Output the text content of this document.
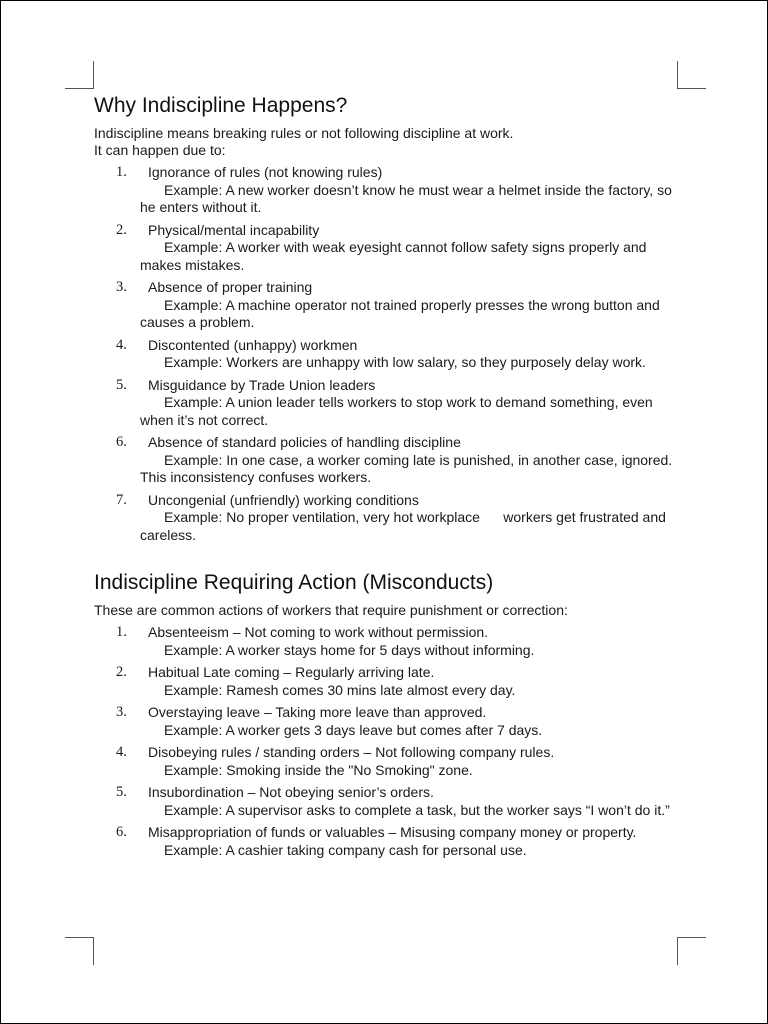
Why Indiscipline Happens?

Indiscipline means breaking rules or not following discipline at work.

It can happen due to:

1. Ignorance of rules (not knowing rules)
Example: A new worker doesn’t know he must wear a helmet inside the factory, so he enters without it.
2. Physical/mental incapability
Example: A worker with weak eyesight cannot follow safety signs properly and makes mistakes.
3. Absence of proper training
Example: A machine operator not trained properly presses the wrong button and causes a problem.
4. Discontented (unhappy) workmen
Example: Workers are unhappy with low salary, so they purposely delay work.
5. Misguidance by Trade Union leaders
Example: A union leader tells workers to stop work to demand something, even when it’s not correct.
6. Absence of standard policies of handling discipline
Example: In one case, a worker coming late is punished, in another case, ignored. This inconsistency confuses workers.
7. Uncongenial (unfriendly) working conditions
Example: No proper ventilation, very hot workplace      workers get frustrated and careless.
Indiscipline Requiring Action (Misconducts)

These are common actions of workers that require punishment or correction:

1. Absenteeism – Not coming to work without permission.
Example: A worker stays home for 5 days without informing.
2. Habitual Late coming – Regularly arriving late.
Example: Ramesh comes 30 mins late almost every day.
3. Overstaying leave – Taking more leave than approved.
Example: A worker gets 3 days leave but comes after 7 days.
4. Disobeying rules / standing orders – Not following company rules.
Example: Smoking inside the "No Smoking" zone.
5. Insubordination – Not obeying senior’s orders.
Example: A supervisor asks to complete a task, but the worker says “I won’t do it.”
6. Misappropriation of funds or valuables – Misusing company money or property.
Example: A cashier taking company cash for personal use.
